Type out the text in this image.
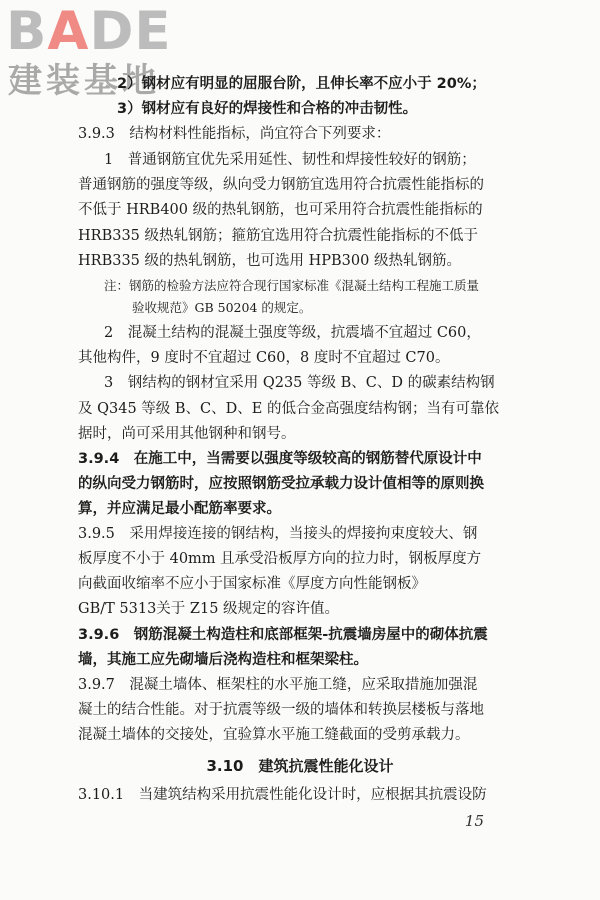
BADE
建装基地
2）钢材应有明显的屈服台阶，且伸长率不应小于 20%；
3）钢材应有良好的焊接性和合格的冲击韧性。
3.9.3　结构材料性能指标，尚宜符合下列要求：
1　普通钢筋宜优先采用延性、韧性和焊接性较好的钢筋；
普通钢筋的强度等级，纵向受力钢筋宜选用符合抗震性能指标的
不低于 HRB400 级的热轧钢筋，也可采用符合抗震性能指标的
HRB335 级热轧钢筋；箍筋宜选用符合抗震性能指标的不低于
HRB335 级的热轧钢筋，也可选用 HPB300 级热轧钢筋。
注：钢筋的检验方法应符合现行国家标准《混凝土结构工程施工质量
验收规范》GB 50204 的规定。
2　混凝土结构的混凝土强度等级，抗震墙不宜超过 C60，
其他构件，9 度时不宜超过 C60，8 度时不宜超过 C70。
3　钢结构的钢材宜采用 Q235 等级 B、C、D 的碳素结构钢
及 Q345 等级 B、C、D、E 的低合金高强度结构钢；当有可靠依
据时，尚可采用其他钢种和钢号。
3.9.4　在施工中，当需要以强度等级较高的钢筋替代原设计中
的纵向受力钢筋时，应按照钢筋受拉承载力设计值相等的原则换
算，并应满足最小配筋率要求。
3.9.5　采用焊接连接的钢结构，当接头的焊接拘束度较大、钢
板厚度不小于 40mm 且承受沿板厚方向的拉力时，钢板厚度方
向截面收缩率不应小于国家标准《厚度方向性能钢板》
GB/T 5313关于 Z15 级规定的容许值。
3.9.6　钢筋混凝土构造柱和底部框架-抗震墙房屋中的砌体抗震
墙，其施工应先砌墙后浇构造柱和框架梁柱。
3.9.7　混凝土墙体、框架柱的水平施工缝，应采取措施加强混
凝土的结合性能。对于抗震等级一级的墙体和转换层楼板与落地
混凝土墙体的交接处，宜验算水平施工缝截面的受剪承载力。
3.10　建筑抗震性能化设计
3.10.1　当建筑结构采用抗震性能化设计时，应根据其抗震设防
15
